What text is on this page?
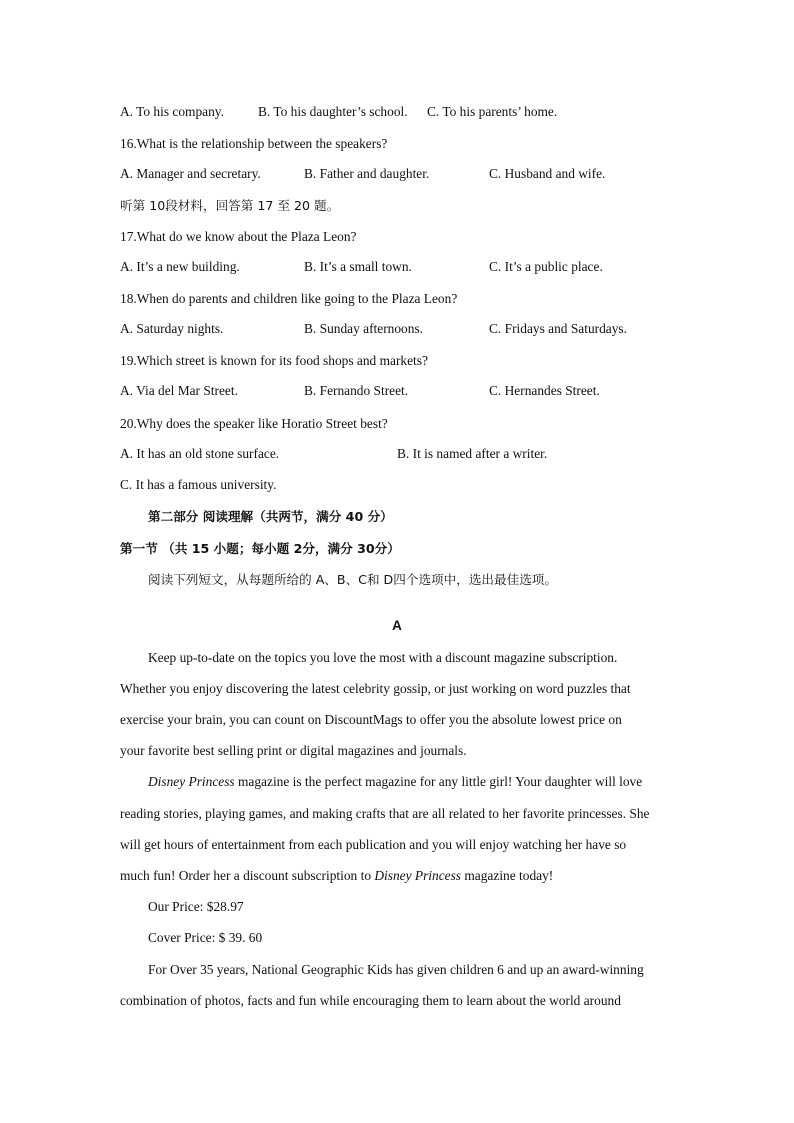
A. To his company.	B. To his daughter’s school. C. To his parents’ home.
16.What is the relationship between the speakers?
A. Manager and secretary.	B. Father and daughter.	C. Husband and wife.
听第 10段材料，回答第 17 至 20 题。
17.What do we know about the Plaza Leon?
A. It’s a new building.	B. It’s a small town.	C. It’s a public place.
18.When do parents and children like going to the Plaza Leon?
A. Saturday nights.	B. Sunday afternoons.	C. Fridays and Saturdays.
19.Which street is known for its food shops and markets?
A. Via del Mar Street.	B. Fernando Street.	C. Hernandes Street.
20.Why does the speaker like Horatio Street best?
A. It has an old stone surface.	B. It is named after a writer.
C. It has a famous university.
第二部分 阅读理解（共两节，满分 40 分）
第一节 （共 15 小题；每小题 2分，满分 30分）
阅读下列短文，从每题所给的 A、B、C和 D四个选项中，选出最佳选项。
A
Keep up-to-date on the topics you love the most with a discount magazine subscription.
Whether you enjoy discovering the latest celebrity gossip, or just working on word puzzles that
exercise your brain, you can count on DiscountMags to offer you the absolute lowest price on
your favorite best selling print or digital magazines and journals.
Disney Princess magazine is the perfect magazine for any little girl! Your daughter will love
reading stories, playing games, and making crafts that are all related to her favorite princesses. She
will get hours of entertainment from each publication and you will enjoy watching her have so
much fun! Order her a discount subscription to Disney Princess magazine today!
Our Price: $28.97
Cover Price: $ 39. 60
For Over 35 years, National Geographic Kids has given children 6 and up an award-winning
combination of photos, facts and fun while encouraging them to learn about the world around
